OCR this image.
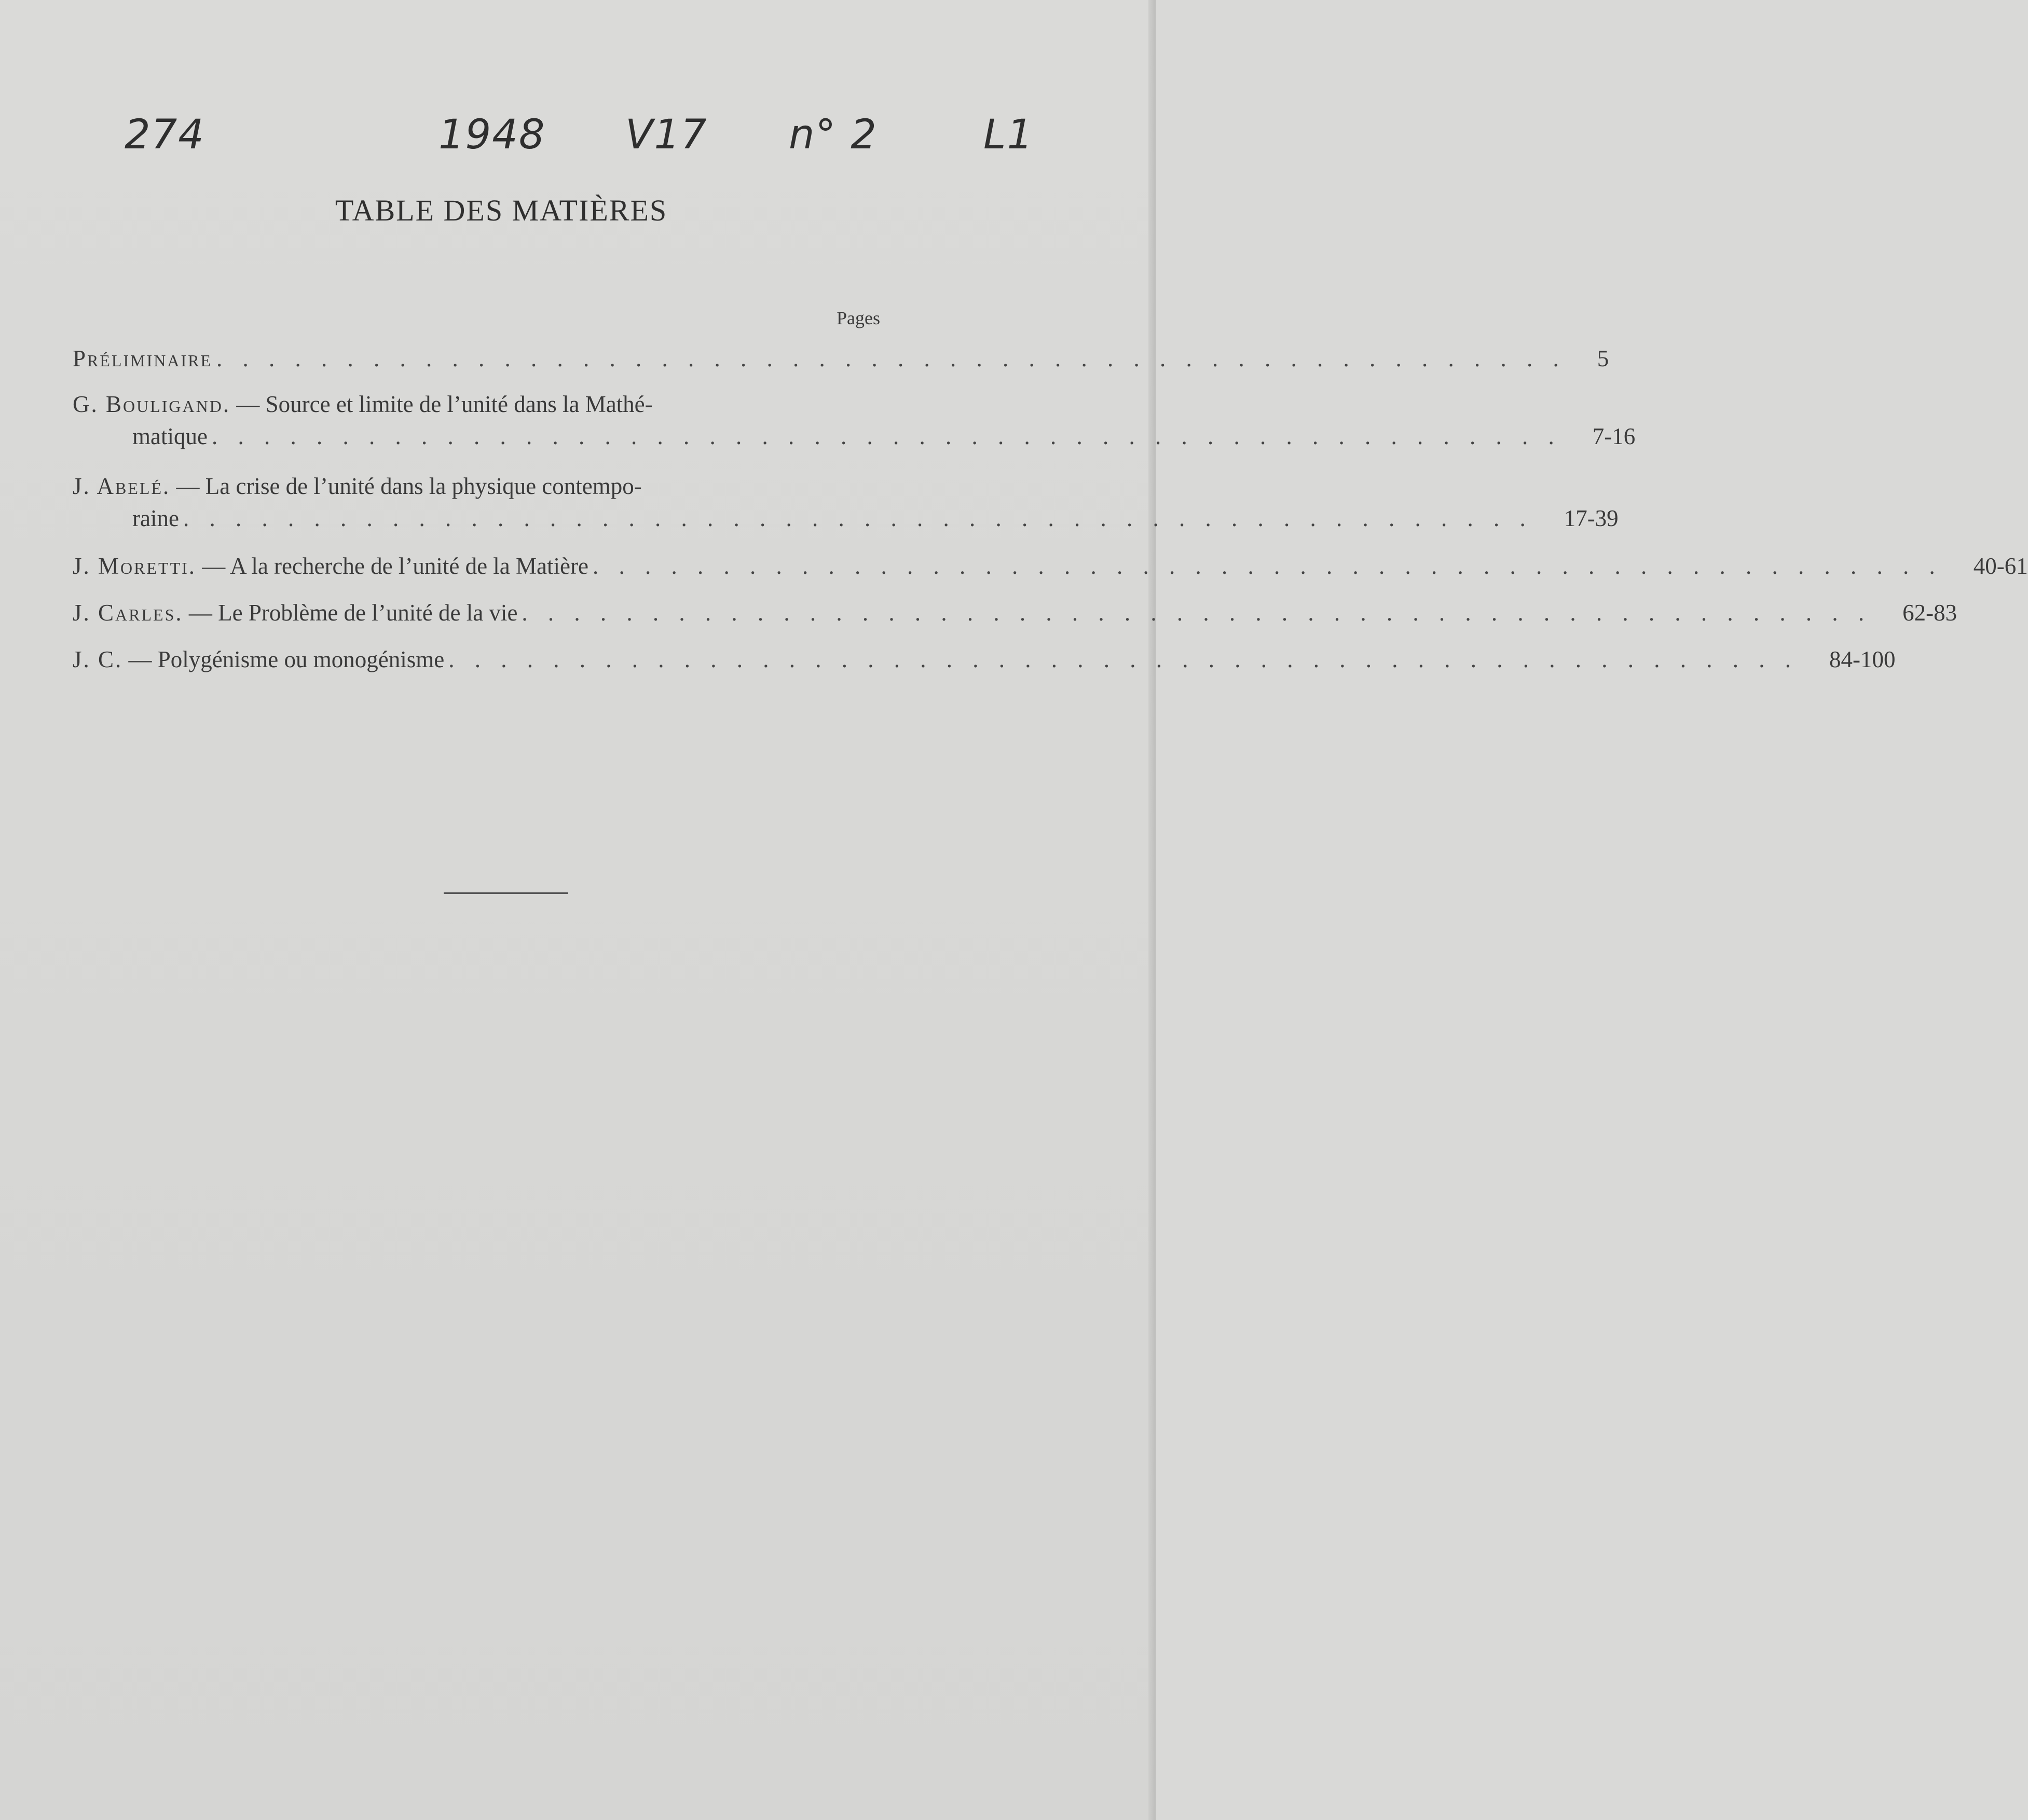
274	1948 V17 n° 2	L1
TABLE DES MATIÈRES
Pages
Préliminaire . . . . . . . . . . . . . . . . . . . . . . . . . . . . . . . . . . . . . . . . . . . . . . . . . . . . 5
G. Bouligand. — Source et limite de l’unité dans la Mathé-
matique . . . . . . . . . . . . . . . . . . . . . . . . . . . . . . . . . . . . . . . . . . . . . . . . . . . . 7-16
J. Abelé. — La crise de l’unité dans la physique contempo-
raine . . . . . . . . . . . . . . . . . . . . . . . . . . . . . . . . . . . . . . . . . . . . . . . . . . . . 17-39
J. Moretti. — A la recherche de l’unité de la Matière . . . . . . . . . . . . . . . . . . . . . . . . . . . . . . . . . . . . . . . . . . . . . . . . . . . . 40-61
J. Carles. — Le Problème de l’unité de la vie . . . . . . . . . . . . . . . . . . . . . . . . . . . . . . . . . . . . . . . . . . . . . . . . . . . . 62-83
J. C. — Polygénisme ou monogénisme . . . . . . . . . . . . . . . . . . . . . . . . . . . . . . . . . . . . . . . . . . . . . . . . . . . . 84-100
